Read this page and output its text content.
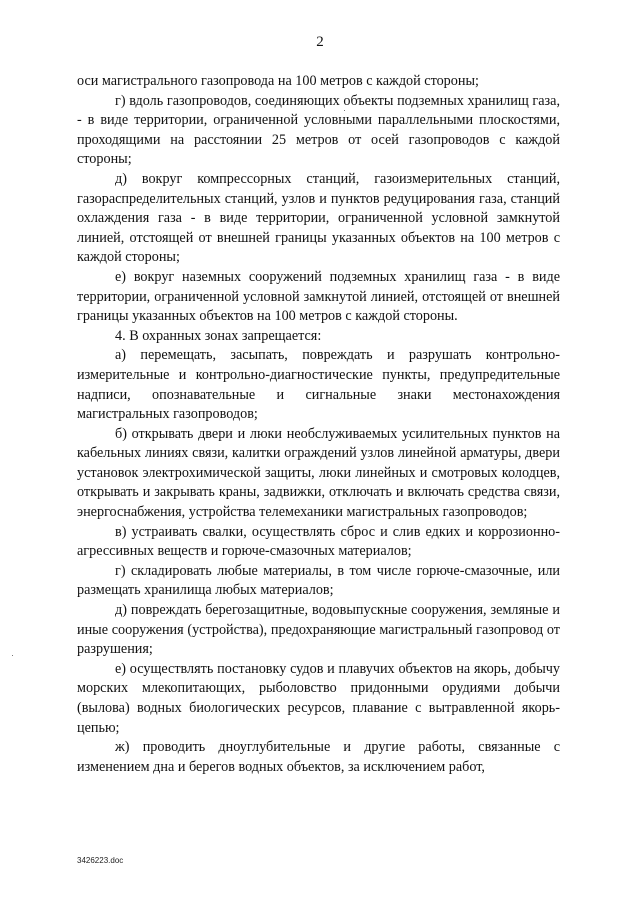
2

оси магистрального газопровода на 100 метров с каждой стороны;

г) вдоль газопроводов, соединяющих объекты подземных хранилищ газа, - в виде территории, ограниченной условными параллельными плоскостями, проходящими на расстоянии 25 метров от осей газопроводов с каждой стороны;

д) вокруг компрессорных станций, газоизмерительных станций, газораспределительных станций, узлов и пунктов редуцирования газа, станций охлаждения газа - в виде территории, ограниченной условной замкнутой линией, отстоящей от внешней границы указанных объектов на 100 метров с каждой стороны;

е) вокруг наземных сооружений подземных хранилищ газа - в виде территории, ограниченной условной замкнутой линией, отстоящей от внешней границы указанных объектов на 100 метров с каждой стороны.

4. В охранных зонах запрещается:

а) перемещать, засыпать, повреждать и разрушать контрольно-измерительные и контрольно-диагностические пункты, предупредительные надписи, опознавательные и сигнальные знаки местонахождения магистральных газопроводов;

б) открывать двери и люки необслуживаемых усилительных пунктов на кабельных линиях связи, калитки ограждений узлов линейной арматуры, двери установок электрохимической защиты, люки линейных и смотровых колодцев, открывать и закрывать краны, задвижки, отключать и включать средства связи, энергоснабжения, устройства телемеханики магистральных газопроводов;

в) устраивать свалки, осуществлять сброс и слив едких и коррозионно-агрессивных веществ и горюче-смазочных материалов;

г) складировать любые материалы, в том числе горюче-смазочные, или размещать хранилища любых материалов;

д) повреждать берегозащитные, водовыпускные сооружения, земляные и иные сооружения (устройства), предохраняющие магистральный газопровод от разрушения;

е) осуществлять постановку судов и плавучих объектов на якорь, добычу морских млекопитающих, рыболовство придонными орудиями добычи (вылова) водных биологических ресурсов, плавание с вытравленной якорь-цепью;

ж) проводить дноуглубительные и другие работы, связанные с изменением дна и берегов водных объектов, за исключением работ,

3426223.doc
